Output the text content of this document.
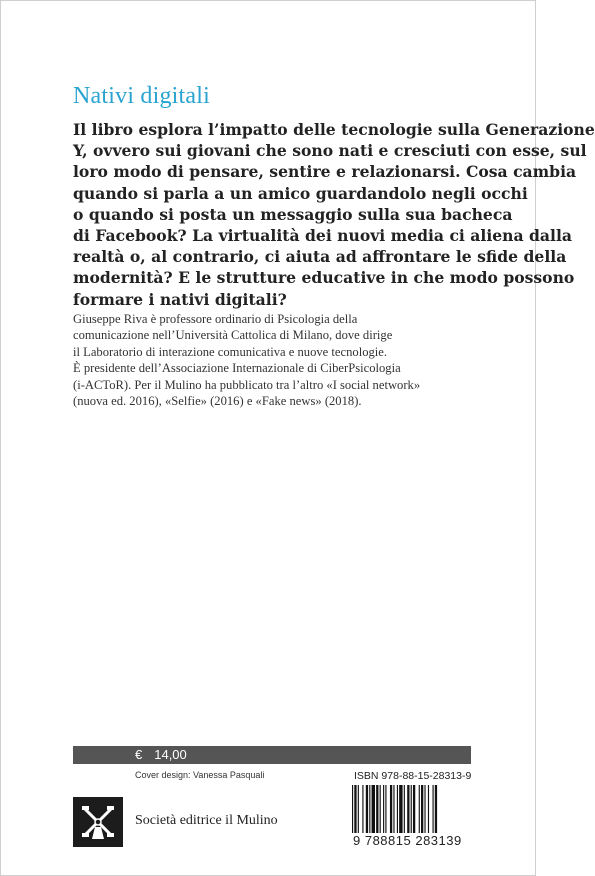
Nativi digitali

Il libro esplora l’impatto delle tecnologie sulla Generazione
Y, ovvero sui giovani che sono nati e cresciuti con esse, sul
loro modo di pensare, sentire e relazionarsi. Cosa cambia
quando si parla a un amico guardandolo negli occhi
o quando si posta un messaggio sulla sua bacheca
di Facebook? La virtualità dei nuovi media ci aliena dalla
realtà o, al contrario, ci aiuta ad affrontare le sfide della
modernità? E le strutture educative in che modo possono
formare i nativi digitali?

Giuseppe Riva è professore ordinario di Psicologia della
comunicazione nell’Università Cattolica di Milano, dove dirige
il Laboratorio di interazione comunicativa e nuove tecnologie.
È presidente dell’Associazione Internazionale di CiberPsicologia
(i-ACToR). Per il Mulino ha pubblicato tra l’altro «I social network»
(nuova ed. 2016), «Selfie» (2016) e «Fake news» (2018).

€ 14,00
Cover design: Vanessa Pasquali	ISBN 978-88-15-28313-9
9 788815 283139
Società editrice il Mulino
